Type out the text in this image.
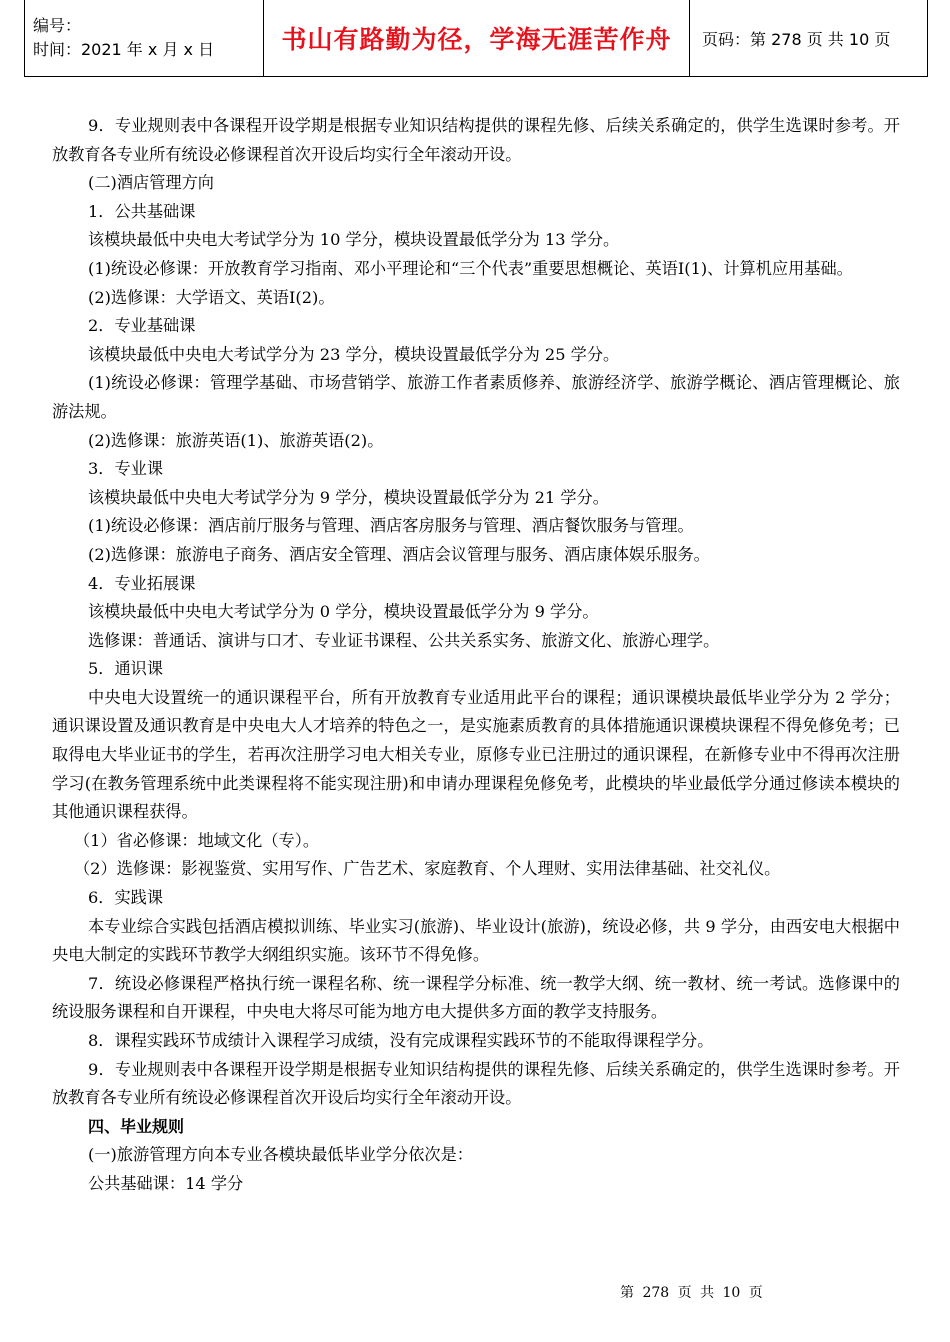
编号：
时间：2021 年 x 月 x 日	书山有路勤为径，学海无涯苦作舟	页码：第 278 页 共 10 页

9．专业规则表中各课程开设学期是根据专业知识结构提供的课程先修、后续关系确定的，供学生选课时参考。开放教育各专业所有统设必修课程首次开设后均实行全年滚动开设。

(二)酒店管理方向

1．公共基础课

该模块最低中央电大考试学分为 10 学分，模块设置最低学分为 13 学分。

(1)统设必修课：开放教育学习指南、邓小平理论和“三个代表”重要思想概论、英语Ⅰ(1)、计算机应用基础。

(2)选修课：大学语文、英语Ⅰ(2)。

2．专业基础课

该模块最低中央电大考试学分为 23 学分，模块设置最低学分为 25 学分。

(1)统设必修课：管理学基础、市场营销学、旅游工作者素质修养、旅游经济学、旅游学概论、酒店管理概论、旅游法规。

(2)选修课：旅游英语(1)、旅游英语(2)。

3．专业课

该模块最低中央电大考试学分为 9 学分，模块设置最低学分为 21 学分。

(1)统设必修课：酒店前厅服务与管理、酒店客房服务与管理、酒店餐饮服务与管理。

(2)选修课：旅游电子商务、酒店安全管理、酒店会议管理与服务、酒店康体娱乐服务。

4．专业拓展课

该模块最低中央电大考试学分为 0 学分，模块设置最低学分为 9 学分。

选修课：普通话、演讲与口才、专业证书课程、公共关系实务、旅游文化、旅游心理学。

5．通识课

中央电大设置统一的通识课程平台，所有开放教育专业适用此平台的课程；通识课模块最低毕业学分为 2 学分；通识课设置及通识教育是中央电大人才培养的特色之一，是实施素质教育的具体措施通识课模块课程不得免修免考；已取得电大毕业证书的学生，若再次注册学习电大相关专业，原修专业已注册过的通识课程，在新修专业中不得再次注册学习(在教务管理系统中此类课程将不能实现注册)和申请办理课程免修免考，此模块的毕业最低学分通过修读本模块的其他通识课程获得。

（1）省必修课：地域文化（专）。

（2）选修课：影视鉴赏、实用写作、广告艺术、家庭教育、个人理财、实用法律基础、社交礼仪。

6．实践课

本专业综合实践包括酒店模拟训练、毕业实习(旅游)、毕业设计(旅游)，统设必修，共 9 学分，由西安电大根据中央电大制定的实践环节教学大纲组织实施。该环节不得免修。

7．统设必修课程严格执行统一课程名称、统一课程学分标准、统一教学大纲、统一教材、统一考试。选修课中的统设服务课程和自开课程，中央电大将尽可能为地方电大提供多方面的教学支持服务。

8．课程实践环节成绩计入课程学习成绩，没有完成课程实践环节的不能取得课程学分。

9．专业规则表中各课程开设学期是根据专业知识结构提供的课程先修、后续关系确定的，供学生选课时参考。开放教育各专业所有统设必修课程首次开设后均实行全年滚动开设。

四、毕业规则

(一)旅游管理方向本专业各模块最低毕业学分依次是：

公共基础课：14 学分

第 278 页 共 10 页
